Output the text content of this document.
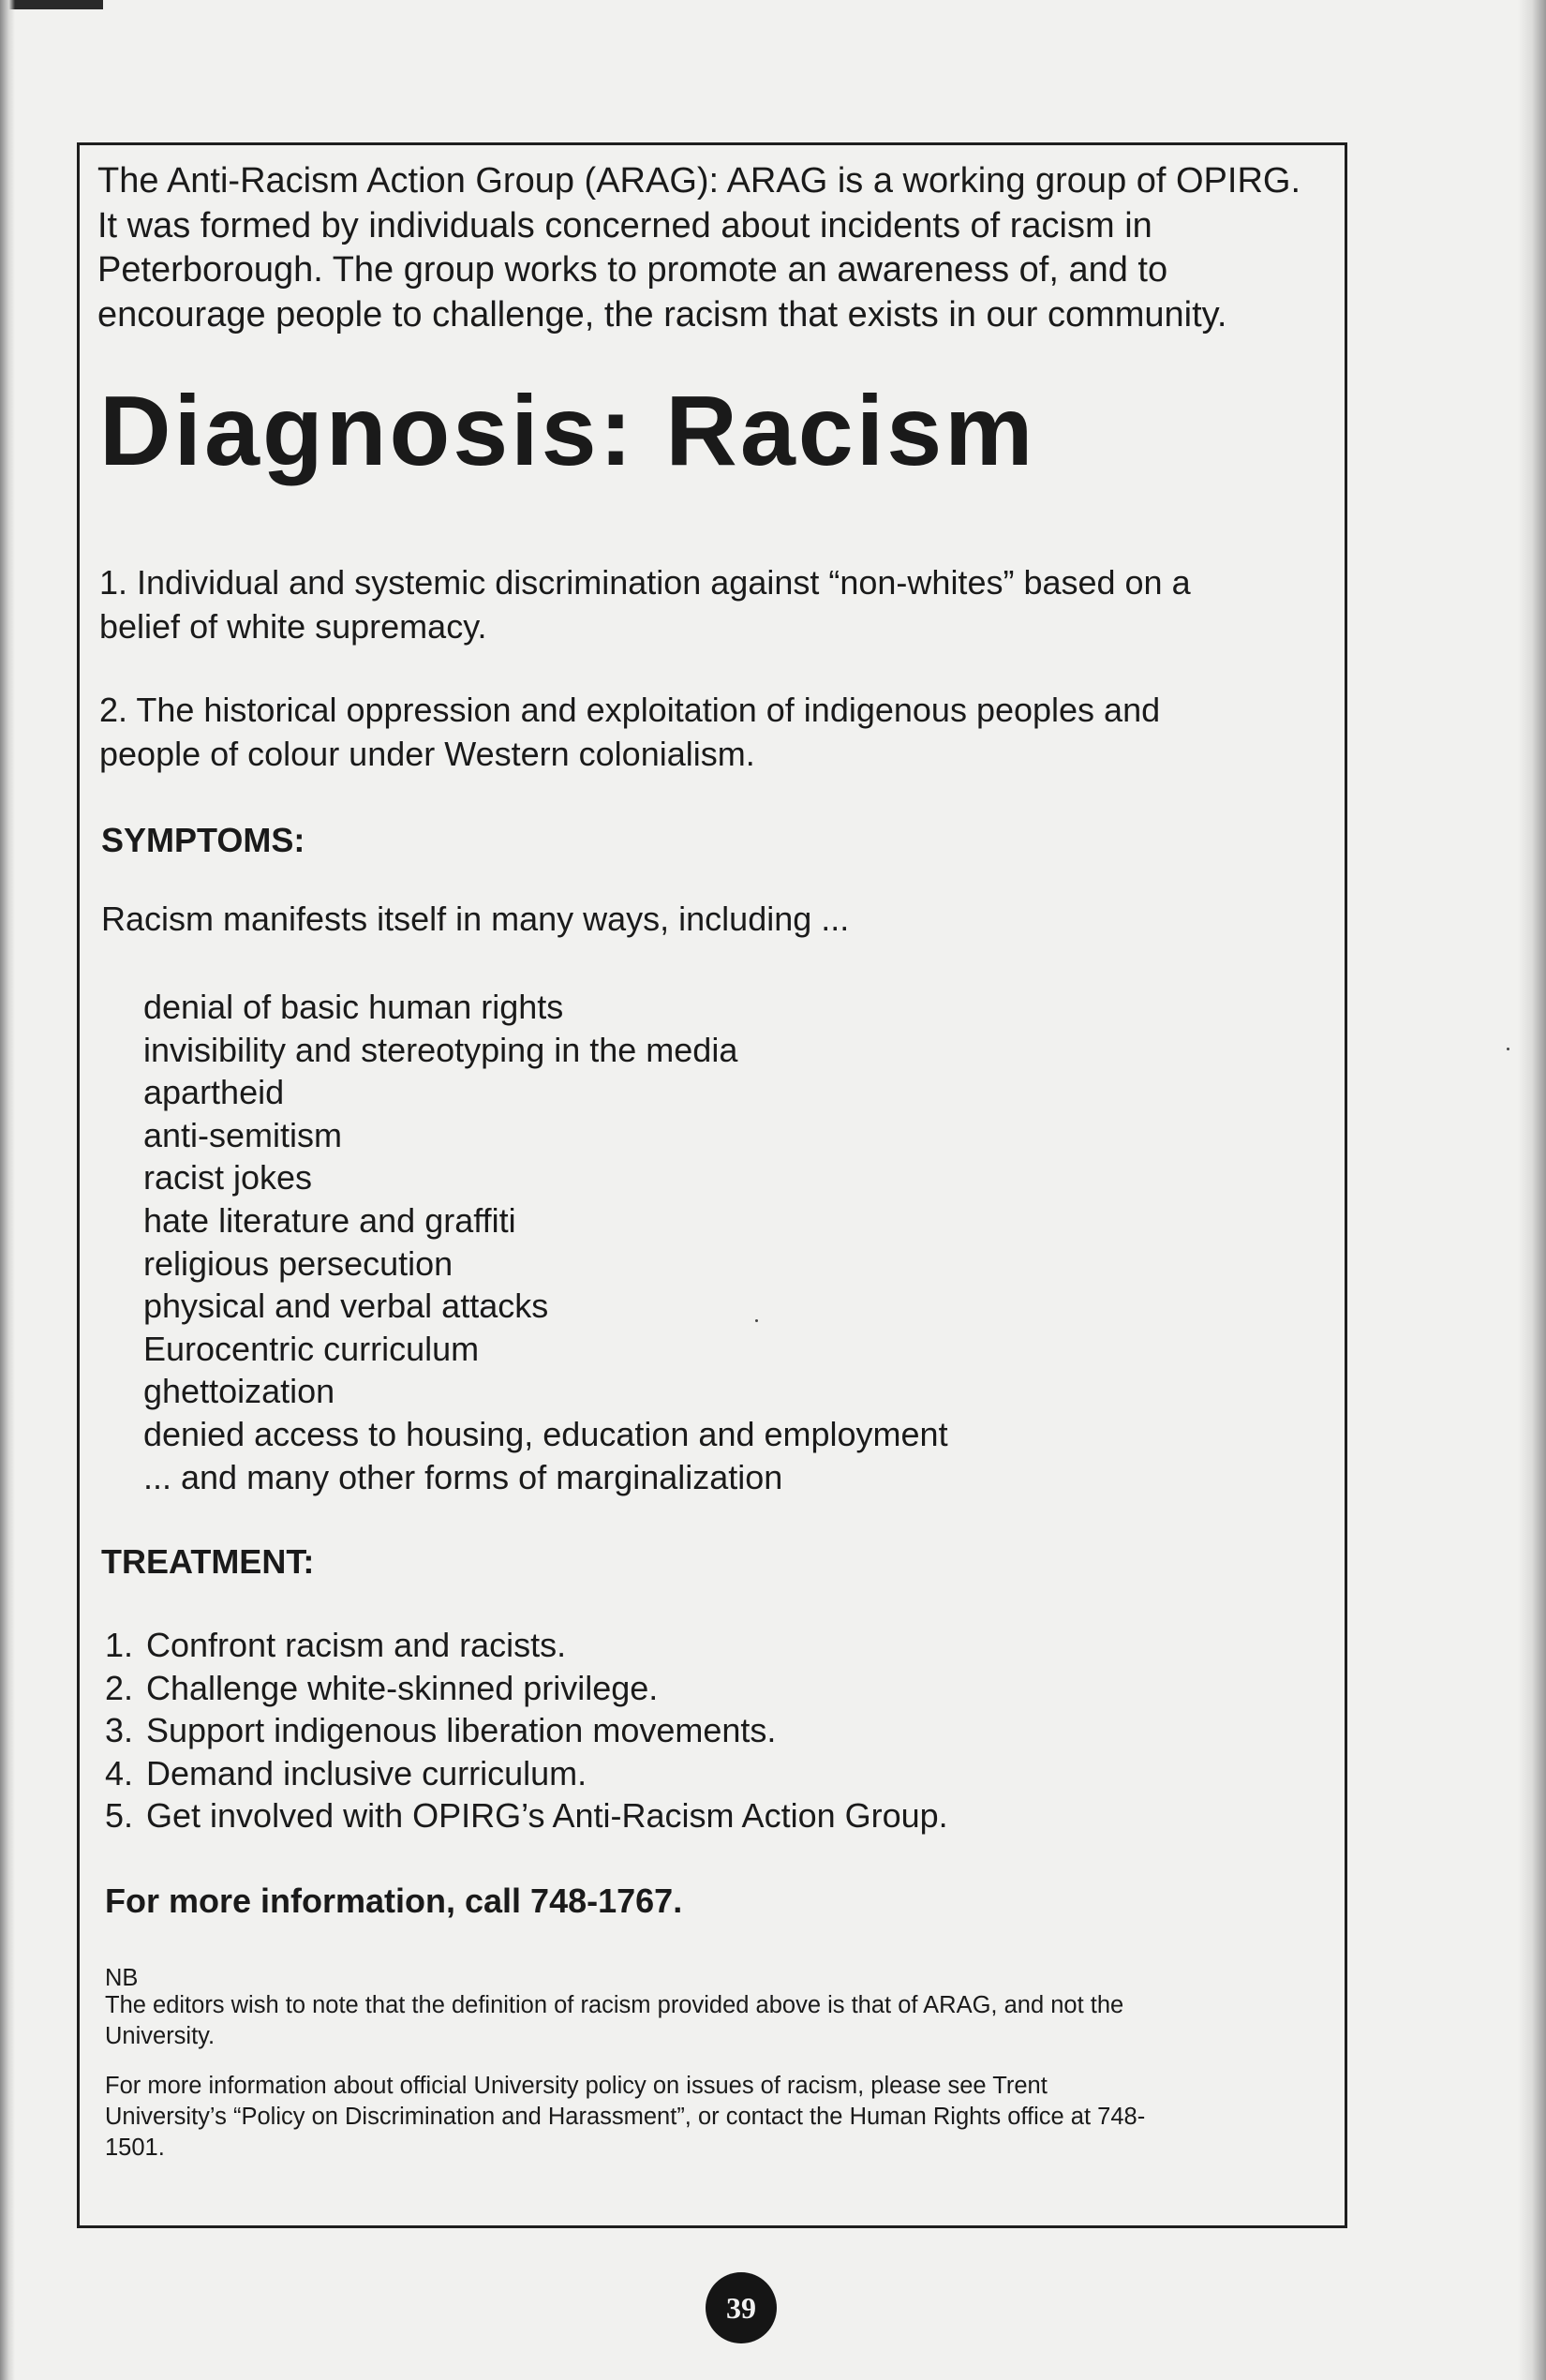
The Anti-Racism Action Group (ARAG): ARAG is a working group of OPIRG.
It was formed by individuals concerned about incidents of racism in
Peterborough. The group works to promote an awareness of, and to
encourage people to challenge, the racism that exists in our community.

Diagnosis: Racism

1. Individual and systemic discrimination against “non-whites” based on a
belief of white supremacy.

2. The historical oppression and exploitation of indigenous peoples and
people of colour under Western colonialism.

SYMPTOMS:

Racism manifests itself in many ways, including ...

denial of basic human rights
invisibility and stereotyping in the media
apartheid
anti-semitism
racist jokes
hate literature and graffiti
religious persecution
physical and verbal attacks
Eurocentric curriculum
ghettoization
denied access to housing, education and employment
... and many other forms of marginalization
TREATMENT:
1. Confront racism and racists.
2. Challenge white-skinned privilege.
3. Support indigenous liberation movements.
4. Demand inclusive curriculum.
5. Get involved with OPIRG’s Anti-Racism Action Group.

For more information, call 748-1767.

NB

The editors wish to note that the definition of racism provided above is that of ARAG, and not the
University.

For more information about official University policy on issues of racism, please see Trent
University’s “Policy on Discrimination and Harassment”, or contact the Human Rights office at 748-
1501.

39
